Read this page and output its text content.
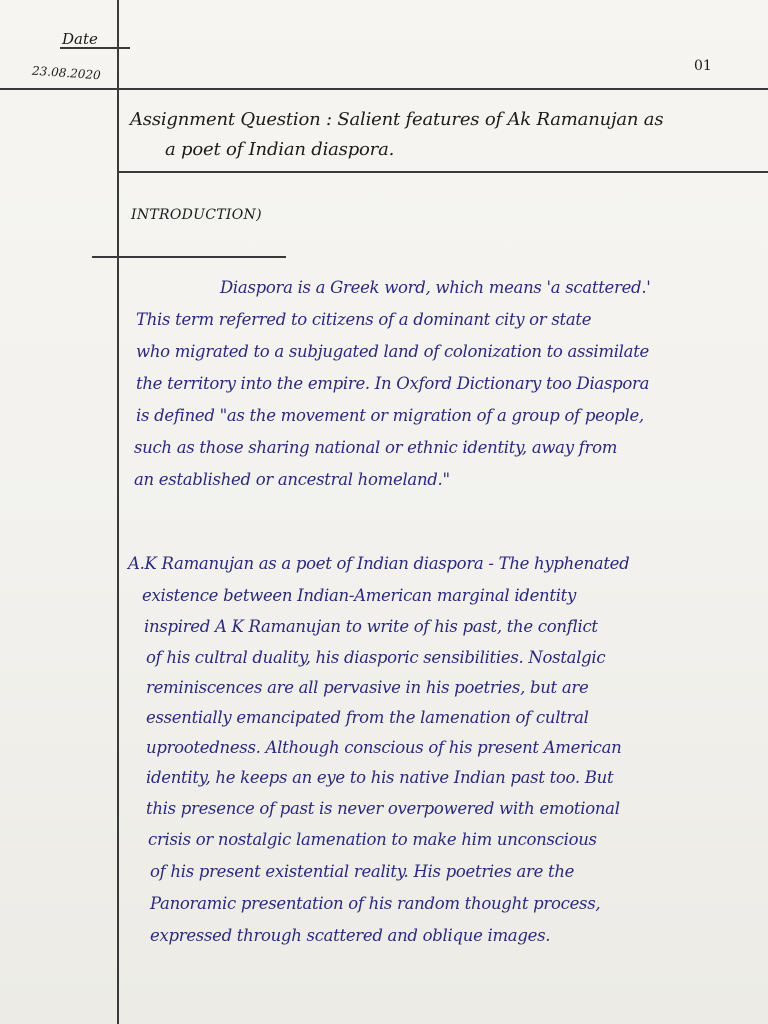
Date
23.08.2020	01
Assignment Question : Salient features of Ak Ramanujan as
a poet of Indian diaspora.
INTRODUCTION)
Diaspora is a Greek word, which means 'a scattered.'
This term referred to citizens of a dominant city or state
who migrated to a subjugated land of colonization to assimilate
the territory into the empire. In Oxford Dictionary too Diaspora
is defined "as the movement or migration of a group of people,
such as those sharing national or ethnic identity, away from
an established or ancestral homeland."
A.K Ramanujan as a poet of Indian diaspora - The hyphenated
existence between Indian-American marginal identity
inspired A K Ramanujan to write of his past, the conflict
of his cultral duality, his diasporic sensibilities. Nostalgic
reminiscences are all pervasive in his poetries, but are
essentially emancipated from the lamenation of cultral
uprootedness. Although conscious of his present American
identity, he keeps an eye to his native Indian past too. But
this presence of past is never overpowered with emotional
crisis or nostalgic lamenation to make him unconscious
of his present existential reality. His poetries are the
Panoramic presentation of his random thought process,
expressed through scattered and oblique images.
